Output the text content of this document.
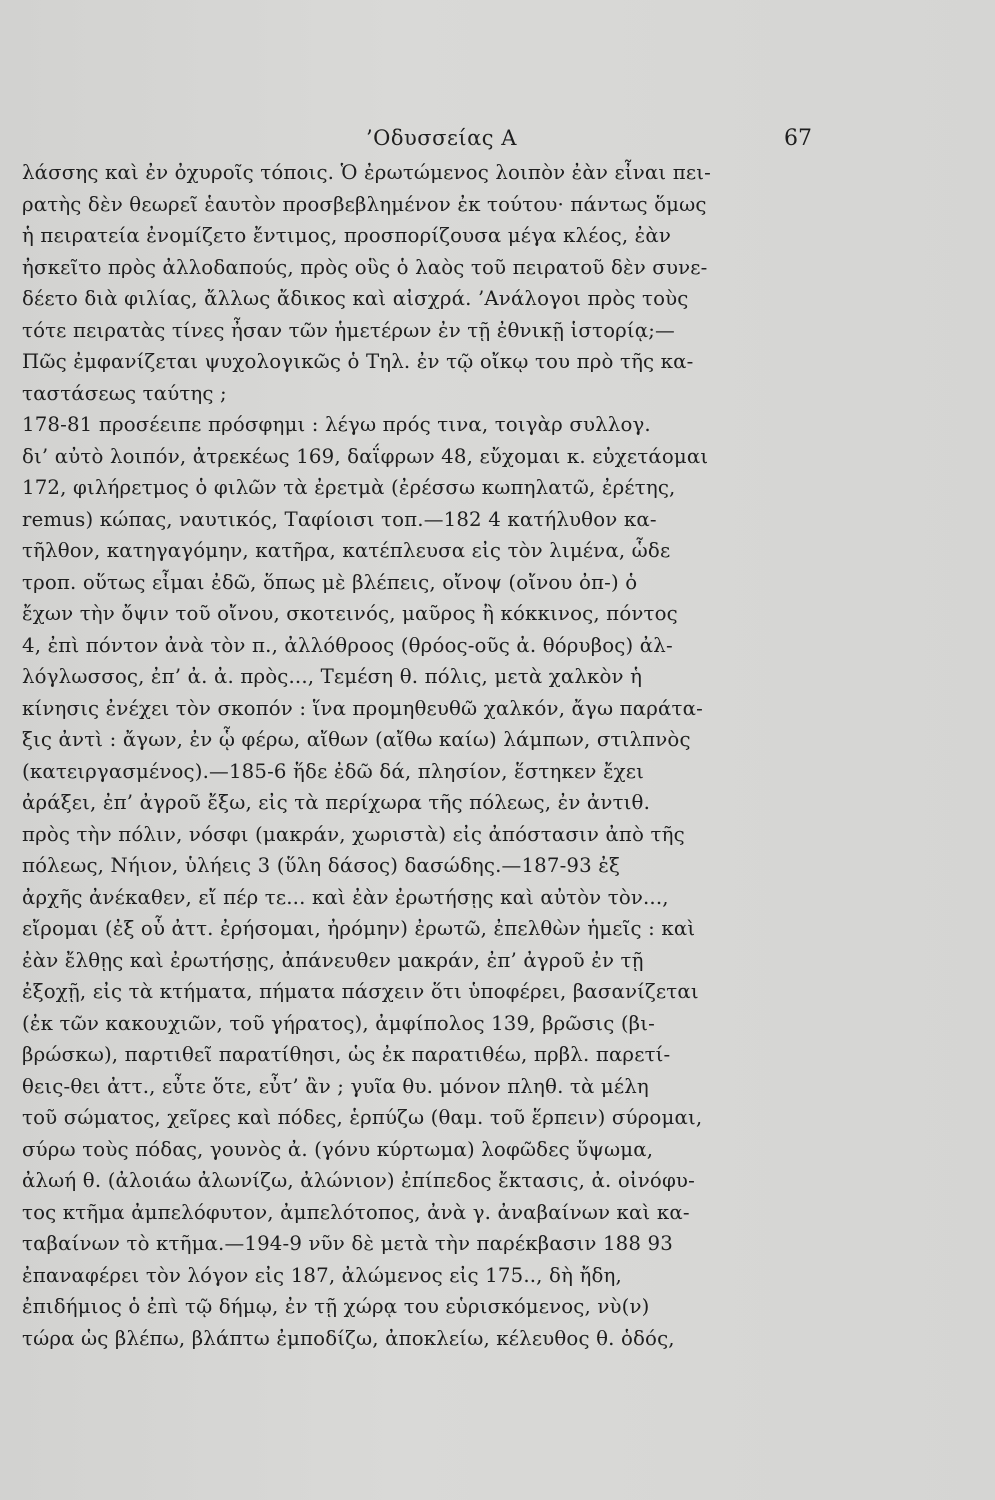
’Οδυσσείας Α	67
λάσσης καὶ ἐν ὀχυροῖς τόποις. Ὁ ἐρωτώμενος λοιπὸν ἐὰν εἶναι πει-
ρατὴς δὲν θεωρεῖ ἑαυτὸν προσβεβλημένον ἐκ τούτου· πάντως ὅμως
ἡ πειρατεία ἐνομίζετο ἔντιμος, προσπορίζουσα μέγα κλέος, ἐὰν
ἠσκεῖτο πρὸς ἀλλοδαπούς, πρὸς οὓς ὁ λαὸς τοῦ πειρατοῦ δὲν συνε-
δέετο διὰ φιλίας, ἄλλως ἄδικος καὶ αἰσχρά. ’Ανάλογοι πρὸς τοὺς
τότε πειρατὰς τίνες ἦσαν τῶν ἡμετέρων ἐν τῇ ἐθνικῇ ἱστορίᾳ;—
Πῶς ἐμφανίζεται ψυχολογικῶς ὁ Τηλ. ἐν τῷ οἴκῳ του πρὸ τῆς κα-
ταστάσεως ταύτης ;
178-81 προσέειπε πρόσφημι : λέγω πρός τινα, τοιγὰρ συλλογ.
δι’ αὐτὸ λοιπόν, ἀτρεκέως 169, δαΐφρων 48, εὔχομαι κ. εὐχετάομαι
172, φιλήρετμος ὁ φιλῶν τὰ ἐρετμὰ (ἐρέσσω κωπηλατῶ, ἐρέτης,
remus) κώπας, ναυτικός, Ταφίοισι τοπ.—182 4 κατήλυθον κα-
τῆλθον, κατηγαγόμην, κατῆρα, κατέπλευσα εἰς τὸν λιμένα, ὧδε
τροπ. οὕτως εἶμαι ἐδῶ, ὅπως μὲ βλέπεις, οἴνοψ (οἴνου ὀπ-) ὁ
ἔχων τὴν ὄψιν τοῦ οἴνου, σκοτεινός, μαῦρος ἢ κόκκινος, πόντος
4, ἐπὶ πόντον ἀνὰ τὸν π., ἀλλόθροος (θρόος-οῦς ἀ. θόρυβος) ἀλ-
λόγλωσσος, ἐπ’ ἀ. ἀ. πρὸς..., Τεμέση θ. πόλις, μετὰ χαλκὸν ἡ
κίνησις ἐνέχει τὸν σκοπόν : ἵνα προμηθευθῶ χαλκόν, ἄγω παράτα-
ξις ἀντὶ : ἄγων, ἐν ᾧ φέρω, αἴθων (αἴθω καίω) λάμπων, στιλπνὸς
(κατειργασμένος).—185-6 ἥδε ἐδῶ δά, πλησίον, ἕστηκεν ἔχει
ἀράξει, ἐπ’ ἀγροῦ ἔξω, εἰς τὰ περίχωρα τῆς πόλεως, ἐν ἀντιθ.
πρὸς τὴν πόλιν, νόσφι (μακράν, χωριστὰ) εἰς ἀπόστασιν ἀπὸ τῆς
πόλεως, Νήιον, ὑλήεις 3 (ὕλη δάσος) δασώδης.—187-93 ἐξ
ἀρχῆς ἀνέκαθεν, εἴ πέρ τε... καὶ ἐὰν ἐρωτήσῃς καὶ αὐτὸν τὸν...,
εἴρομαι (ἐξ οὗ ἀττ. ἐρήσομαι, ἠρόμην) ἐρωτῶ, ἐπελθὼν ἡμεῖς : καὶ
ἐὰν ἔλθῃς καὶ ἐρωτήσῃς, ἀπάνευθεν μακράν, ἐπ’ ἀγροῦ ἐν τῇ
ἐξοχῇ, εἰς τὰ κτήματα, πήματα πάσχειν ὅτι ὑποφέρει, βασανίζεται
(ἐκ τῶν κακουχιῶν, τοῦ γήρατος), ἀμφίπολος 139, βρῶσις (βι-
βρώσκω), παρτιθεῖ παρατίθησι, ὡς ἐκ παρατιθέω, πρβλ. παρετί-
θεις-θει ἀττ., εὖτε ὅτε, εὖτ’ ἂν ; γυῖα θυ. μόνον πληθ. τὰ μέλη
τοῦ σώματος, χεῖρες καὶ πόδες, ἑρπύζω (θαμ. τοῦ ἕρπειν) σύρομαι,
σύρω τοὺς πόδας, γουνὸς ἀ. (γόνυ κύρτωμα) λοφῶδες ὕψωμα,
ἀλωή θ. (ἀλοιάω ἀλωνίζω, ἀλώνιον) ἐπίπεδος ἔκτασις, ἀ. οἰνόφυ-
τος κτῆμα ἀμπελόφυτον, ἀμπελότοπος, ἀνὰ γ. ἀναβαίνων καὶ κα-
ταβαίνων τὸ κτῆμα.—194-9 νῦν δὲ μετὰ τὴν παρέκβασιν 188 93
ἐπαναφέρει τὸν λόγον εἰς 187, ἀλώμενος εἰς 175.., δὴ ἤδη,
ἐπιδήμιος ὁ ἐπὶ τῷ δήμῳ, ἐν τῇ χώρᾳ του εὑρισκόμενος, νὺ(ν)
τώρα ὡς βλέπω, βλάπτω ἐμποδίζω, ἀποκλείω, κέλευθος θ. ὁδός,
